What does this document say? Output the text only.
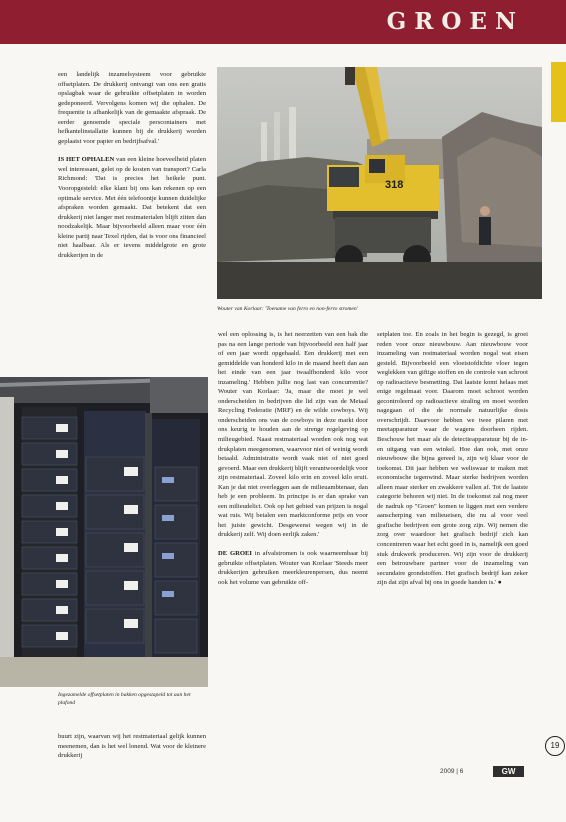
GROEN

een landelijk inzamelsysteem voor gebruikte offsetplaten. De drukkerij ontvangt van ons een gratis opslagbak waar de gebruikte offsetplaten in worden gedeponeerd. Vervolgens komen wij die ophalen. De frequentie is afhankelijk van de gemaakte afspraak. De eerder genoemde speciale perscontainers met hefkantelinstallatie kunnen bij de drukkerij worden geplaatst voor papier en bedrijfsafval.'

IS HET OPHALEN van een kleine hoeveelheid platen wel interessant, gelet op de kosten van transport? Carla Richmond: 'Dat is precies het heikele punt. Vooropgesteld: elke klant bij ons kan rekenen op een optimale service. Met één telefoontje kunnen duidelijke afspraken worden gemaakt. Dat betekent dat een drukkerij niet langer met restmaterialen blijft zitten dan noodzakelijk. Maar bijvoorbeeld alleen maar voor één kleine partij naar Texel rijden, dat is voor ons financieel niet haalbaar. Als er tevens middelgrote en grote drukkerijen in de

318
Wouter van Korlaar: 'Toename van ferro en non-ferro stromen'
Ingezamelde offsetplaten in bakken opgestapeld tot aan het plafond

buurt zijn, waarvan wij het restmateriaal gelijk kunnen meenemen, dan is het wel lonend. Wat voor de kleinere drukkerij

wel een oplossing is, is het neerzetten van een bak die pas na een lange periode van bijvoorbeeld een half jaar of een jaar wordt opgehaald. Een drukkerij met een gemiddelde van honderd kilo in de maand heeft dan aan het einde van een jaar twaalfhonderd kilo voor inzameling.' Hebben jullie nog last van concurrentie? Wouter van Korlaar: 'Ja, maar die moet je wel onderscheiden in bedrijven die lid zijn van de Metaal Recycling Federatie (MRF) en de wilde cowboys. Wij onderscheiden ons van de cowboys in deze markt door ons keurig te houden aan de strenge regelgeving op milieugebied. Naast restmateriaal worden ook nog wat drukplaten meegenomen, waarvoor niet of weinig wordt betaald. Administratie wordt vaak niet of niet goed gevoerd. Maar een drukkerij blijft verantwoordelijk voor zijn restmateriaal. Zoveel kilo erin en zoveel kilo eruit. Kan je dat niet overleggen aan de milieuambtenaar, dan heb je een probleem. In principe is er dan sprake van een milieudelict. Ook op het gebied van prijzen is nogal wat ruis. Wij betalen een marktconforme prijs en voor het juiste gewicht. Desgewenst wegen wij in de drukkerij zelf. Wij doen eerlijk zaken.'

DE GROEI in afvalstromen is ook waarneembaar bij gebruikte offsetplaten. Wouter van Korlaar 'Steeds meer drukkerijen gebruiken meerkleurenpersen, dus neemt ook het volume van gebruikte off-

setplaten toe. En zoals in het begin is gezegd, is groei reden voor onze nieuwbouw. Aan nieuwbouw voor inzameling van restmateriaal worden nogal wat eisen gesteld. Bijvoorbeeld een vloeistofdichte vloer tegen weglekken van giftige stoffen en de controle van schroot op radioactieve besmetting. Dat laatste komt helaas met enige regelmaat voor. Daarom moet schroot worden gecontroleerd op radioactieve straling en moet worden nagegaan of die de normale natuurlijke dosis overschrijdt. Daarvoor hebben we twee pilaren met meetapparatuur waar de wagens doorheen rijden. Beschouw het maar als de detectieapparatuur bij de in- en uitgang van een winkel. Hoe dan ook, met onze nieuwbouw die bijna gereed is, zijn wij klaar voor de toekomst. Dit jaar hebben we weliswaar te maken met economische tegenwind. Maar sterke bedrijven worden alleen maar sterker en zwakkere vallen af. Tot de laatste categorie behoren wij niet. In de toekomst zal nog meer de nadruk op "Groen" komen te liggen met een verdere aanscherping van milieueisen, die nu al voor veel grafische bedrijven een grote zorg zijn. Wij nemen die zorg over waardoor het grafisch bedrijf zich kan concentreren waar het echt goed in is, namelijk een goed stuk drukwerk produceren. Wij zijn voor de drukkerij een betrouwbare partner voor de inzameling van secundaire grondstoffen. Het grafisch bedrijf kan zeker zijn dat zijn afval bij ons in goede handen is.' ●

19
2009 | 6	GW
